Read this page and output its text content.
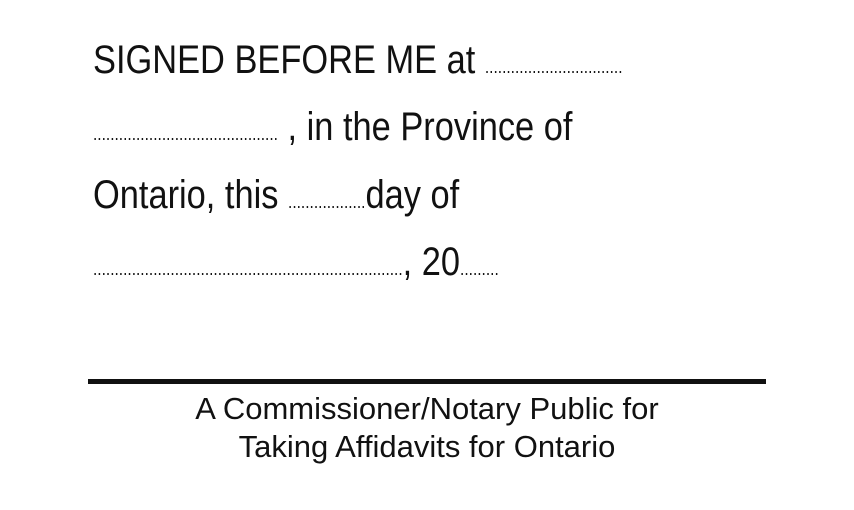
SIGNED BEFORE ME at ................................
........................................... , in the Province of
Ontario, this ..................day of
........................................................................, 20.........
A Commissioner/Notary Public for
Taking Affidavits for Ontario
